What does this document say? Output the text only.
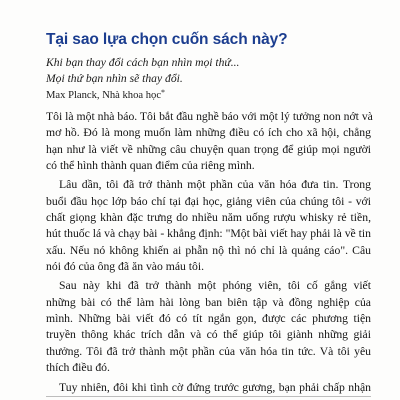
Tại sao lựa chọn cuốn sách này?
Khi bạn thay đổi cách bạn nhìn mọi thứ...
Mọi thứ bạn nhìn sẽ thay đổi.
Max Planck, Nhà khoa học*
Tôi là một nhà báo. Tôi bắt đầu nghề báo với một lý tưởng non nớt và
mơ hồ. Đó là mong muốn làm những điều có ích cho xã hội, chẳng
hạn như là viết về những câu chuyện quan trọng để giúp mọi người
có thể hình thành quan điểm của riêng mình.
Lâu dần, tôi đã trở thành một phần của văn hóa đưa tin. Trong
buổi đầu học lớp báo chí tại đại học, giảng viên của chúng tôi - với
chất giọng khàn đặc trưng do nhiều năm uống rượu whisky rẻ tiền,
hút thuốc lá và chạy bài - khẳng định: "Một bài viết hay phải là về tin
xấu. Nếu nó không khiến ai phẫn nộ thì nó chỉ là quảng cáo". Câu
nói đó của ông đã ăn vào máu tôi.
Sau này khi đã trở thành một phóng viên, tôi cố gắng viết
những bài có thể làm hài lòng ban biên tập và đồng nghiệp của
mình. Những bài viết đó có tít ngắn gọn, được các phương tiện
truyền thông khác trích dẫn và có thể giúp tôi giành những giải
thưởng. Tôi đã trở thành một phần của văn hóa tin tức. Và tôi yêu
thích điều đó.
Tuy nhiên, đôi khi tình cờ đứng trước gương, bạn phải chấp nhận
